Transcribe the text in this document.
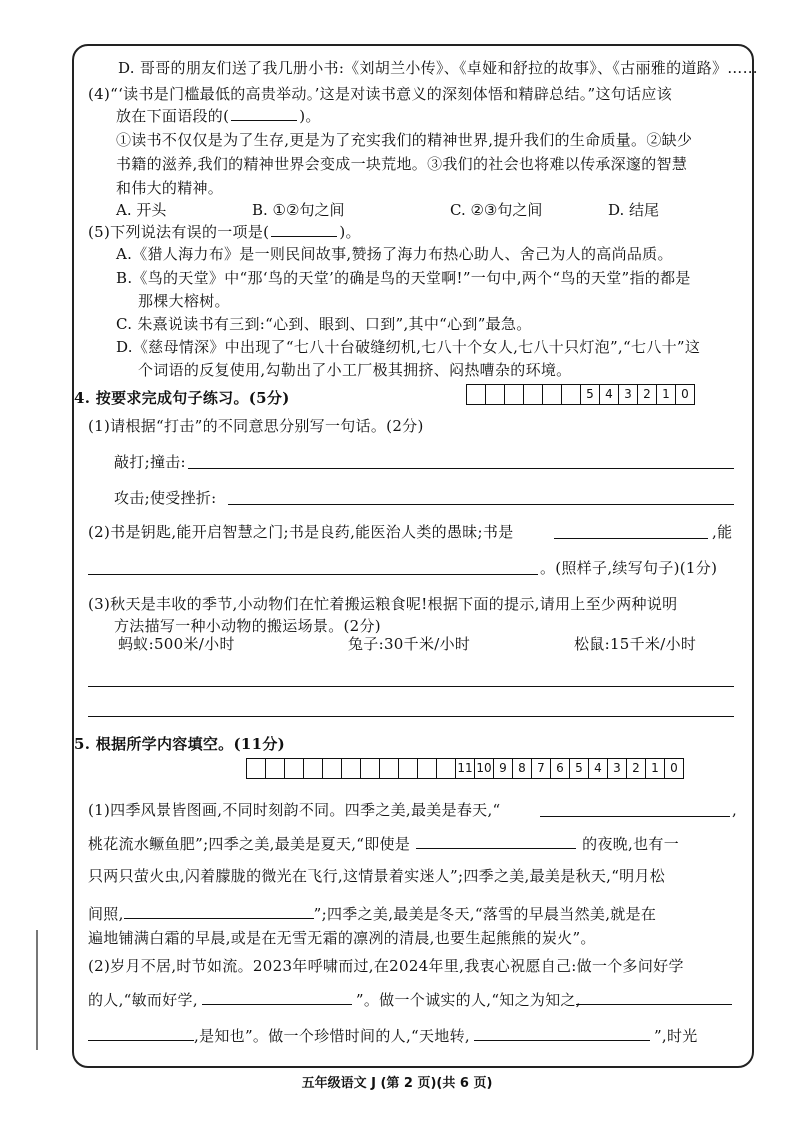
D. 哥哥的朋友们送了我几册小书:《刘胡兰小传》、《卓娅和舒拉的故事》、《古丽雅的道路》……
(4)“‘读书是门槛最低的高贵举动。’这是对读书意义的深刻体悟和精辟总结。”这句话应该
放在下面语段的(	)。
①读书不仅仅是为了生存,更是为了充实我们的精神世界,提升我们的生命质量。②缺少
书籍的滋养,我们的精神世界会变成一块荒地。③我们的社会也将难以传承深邃的智慧
和伟大的精神。
A. 开头	B. ①②句之间	C. ②③句之间	D. 结尾
(5)下列说法有误的一项是(	)。
A.《猎人海力布》是一则民间故事,赞扬了海力布热心助人、舍己为人的高尚品质。
B.《鸟的天堂》中“那‘鸟的天堂’的确是鸟的天堂啊!”一句中,两个“鸟的天堂”指的都是
那棵大榕树。
C. 朱熹说读书有三到:“心到、眼到、口到”,其中“心到”最急。
D.《慈母情深》中出现了“七八十台破缝纫机,七八十个女人,七八十只灯泡”,“七八十”这
个词语的反复使用,勾勒出了小工厂极其拥挤、闷热嘈杂的环境。
4. 按要求完成句子练习。(5分)	5 4 3 2 1 0
(1)请根据“打击”的不同意思分别写一句话。(2分)
敲打;撞击:
攻击;使受挫折:
(2)书是钥匙,能开启智慧之门;书是良药,能医治人类的愚昧;书是	,能
。(照样子,续写句子)(1分)
(3)秋天是丰收的季节,小动物们在忙着搬运粮食呢!根据下面的提示,请用上至少两种说明
方法描写一种小动物的搬运场景。(2分)
蚂蚁:500米/小时	兔子:30千米/小时	松鼠:15千米/小时
5. 根据所学内容填空。(11分)
11 10 9 8 7 6 5 4 3 2 1 0
(1)四季风景皆图画,不同时刻韵不同。四季之美,最美是春天,“	,
桃花流水鳜鱼肥”;四季之美,最美是夏天,“即使是	的夜晚,也有一
只两只萤火虫,闪着朦胧的微光在飞行,这情景着实迷人”;四季之美,最美是秋天,“明月松
间照,	”;四季之美,最美是冬天,“落雪的早晨当然美,就是在
遍地铺满白霜的早晨,或是在无雪无霜的凛冽的清晨,也要生起熊熊的炭火”。
(2)岁月不居,时节如流。2023年呼啸而过,在2024年里,我衷心祝愿自己:做一个多问好学
的人,“敏而好学,	”。做一个诚实的人,“知之为知之,
,是知也”。做一个珍惜时间的人,“天地转,	”,时光
五年级语文 J (第 2 页)(共 6 页)
